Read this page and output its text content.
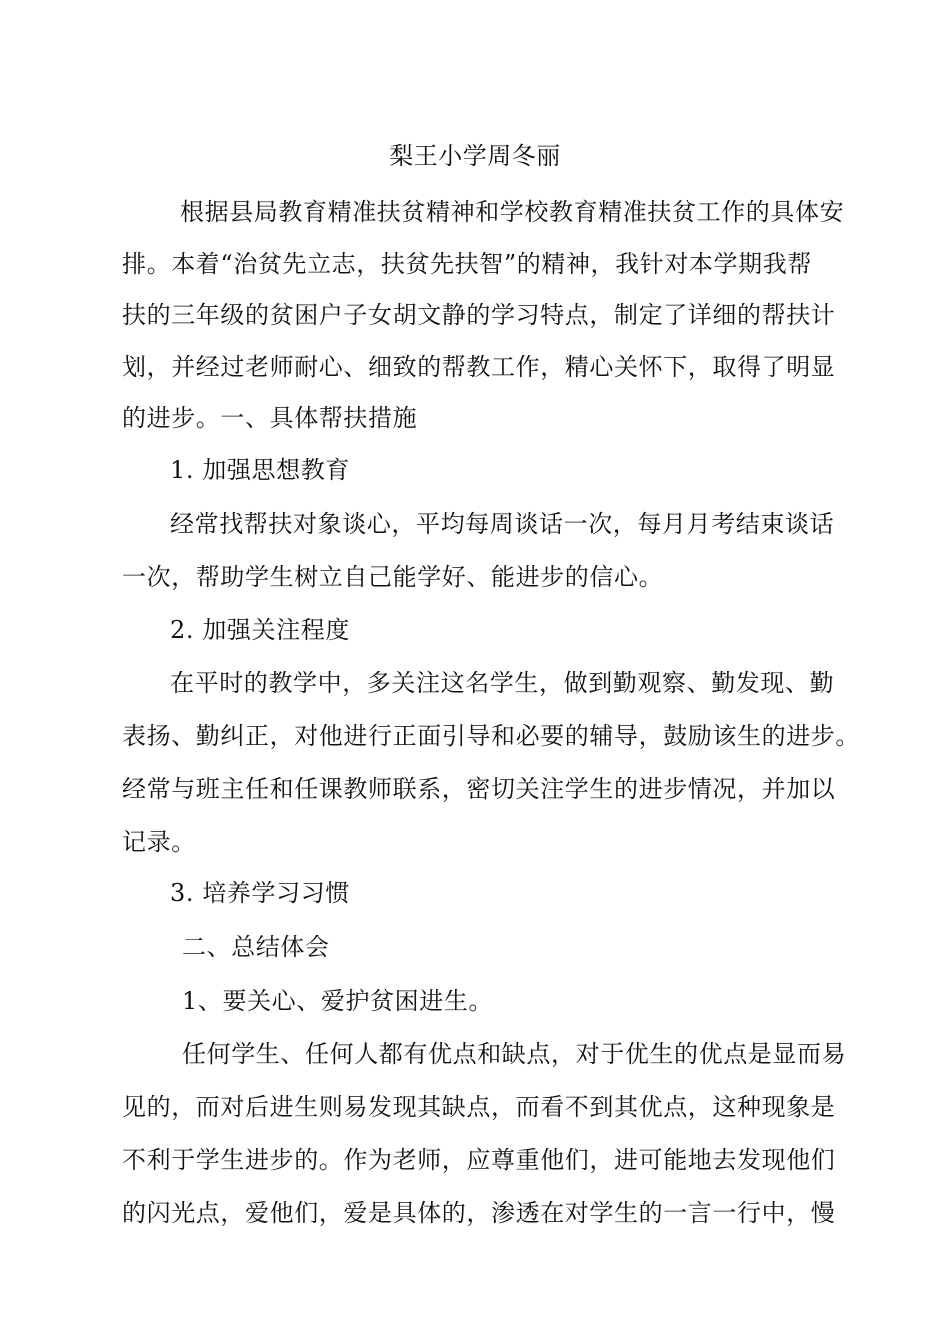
梨王小学周冬丽
根据县局教育精准扶贫精神和学校教育精准扶贫工作的具体安
排。本着“治贫先立志，扶贫先扶智”的精神，我针对本学期我帮
扶的三年级的贫困户子女胡文静的学习特点，制定了详细的帮扶计
划，并经过老师耐心、细致的帮教工作，精心关怀下，取得了明显
的进步。一、具体帮扶措施
1. 加强思想教育
经常找帮扶对象谈心，平均每周谈话一次，每月月考结束谈话
一次，帮助学生树立自己能学好、能进步的信心。
2. 加强关注程度
在平时的教学中，多关注这名学生，做到勤观察、勤发现、勤
表扬、勤纠正，对他进行正面引导和必要的辅导，鼓励该生的进步。
经常与班主任和任课教师联系，密切关注学生的进步情况，并加以
记录。
3. 培养学习习惯
二、总结体会
1、要关心、爱护贫困进生。
任何学生、任何人都有优点和缺点，对于优生的优点是显而易
见的，而对后进生则易发现其缺点，而看不到其优点，这种现象是
不利于学生进步的。作为老师，应尊重他们，进可能地去发现他们
的闪光点，爱他们，爱是具体的，渗透在对学生的一言一行中，慢
